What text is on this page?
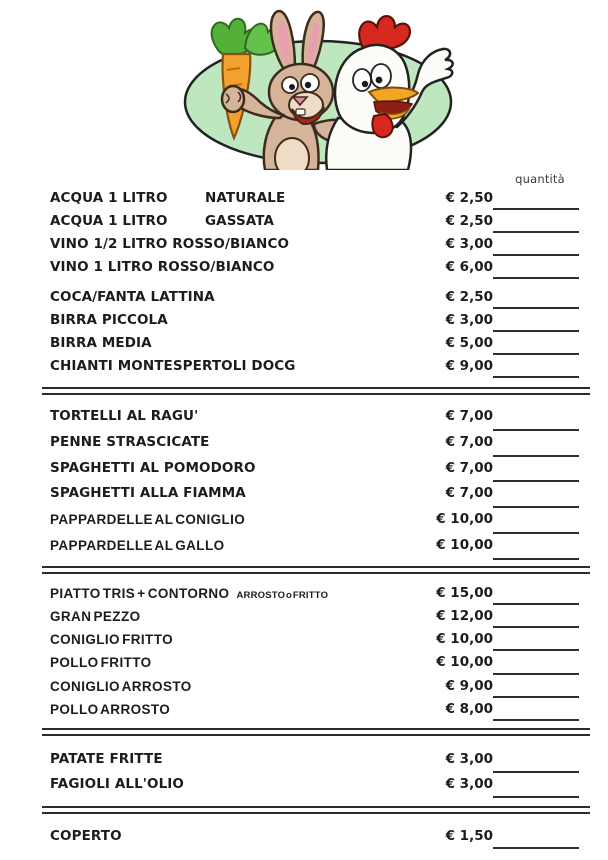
quantità
ACQUA 1 LITRO	NATURALE	€ 2,50
ACQUA 1 LITRO	GASSATA	€ 2,50
VINO 1/2 LITRO ROSSO/BIANCO	€ 3,00
VINO 1 LITRO ROSSO/BIANCO	€ 6,00
COCA/FANTA LATTINA	€ 2,50
BIRRA PICCOLA	€ 3,00
BIRRA MEDIA	€ 5,00
CHIANTI MONTESPERTOLI DOCG	€ 9,00
TORTELLI AL RAGU'	€ 7,00
PENNE STRASCICATE	€ 7,00
SPAGHETTI AL POMODORO	€ 7,00
SPAGHETTI ALLA FIAMMA	€ 7,00
PAPPARDELLE AL CONIGLIO	€ 10,00
PAPPARDELLE AL GALLO	€ 10,00
PIATTO TRIS + CONTORNO ARROSTO o FRITTO	€ 15,00
GRAN PEZZO	€ 12,00
CONIGLIO FRITTO	€ 10,00
POLLO FRITTO	€ 10,00
CONIGLIO ARROSTO	€ 9,00
POLLO ARROSTO	€ 8,00
PATATE FRITTE	€ 3,00
FAGIOLI ALL'OLIO	€ 3,00
COPERTO	€ 1,50
